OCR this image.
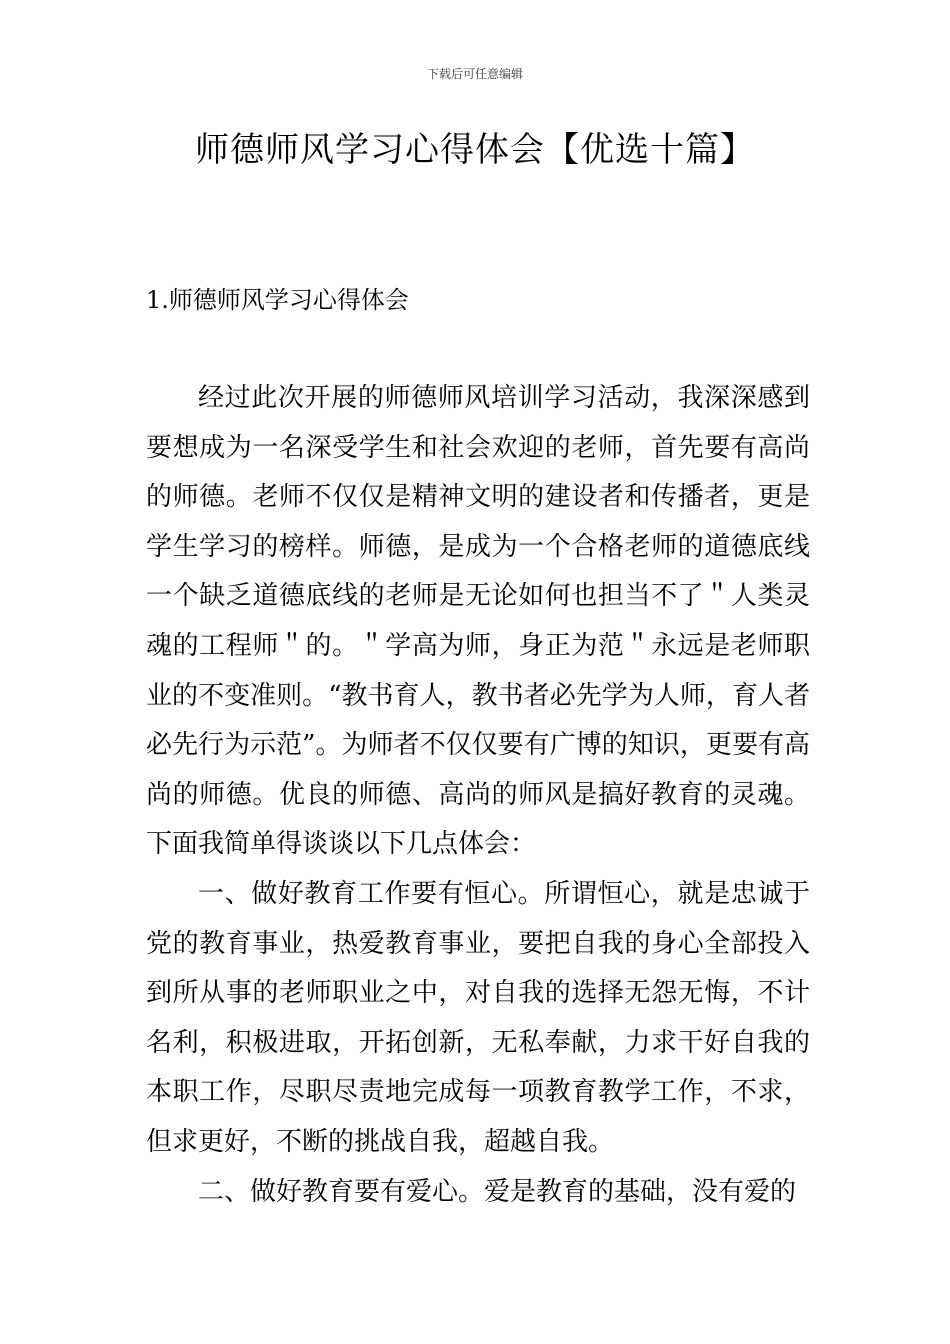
下载后可任意编辑
师德师风学习心得体会【优选十篇】
1.师德师风学习心得体会

经过此次开展的师德师风培训学习活动，我深深感到要想成为一名深受学生和社会欢迎的老师，首先要有高尚的师德。老师不仅仅是精神文明的建设者和传播者，更是学生学习的榜样。师德，是成为一个合格老师的道德底线一个缺乏道德底线的老师是无论如何也担当不了＂人类灵魂的工程师＂的。＂学高为师，身正为范＂永远是老师职业的不变准则。“教书育人，教书者必先学为人师，育人者必先行为示范”。为师者不仅仅要有广博的知识，更要有高尚的师德。优良的师德、高尚的师风是搞好教育的灵魂。下面我简单得谈谈以下几点体会：

一、做好教育工作要有恒心。所谓恒心，就是忠诚于党的教育事业，热爱教育事业，要把自我的身心全部投入到所从事的老师职业之中，对自我的选择无怨无悔，不计名利，积极进取，开拓创新，无私奉献，力求干好自我的本职工作，尽职尽责地完成每一项教育教学工作，不求，但求更好，不断的挑战自我，超越自我。

二、做好教育要有爱心。爱是教育的基础，没有爱的
